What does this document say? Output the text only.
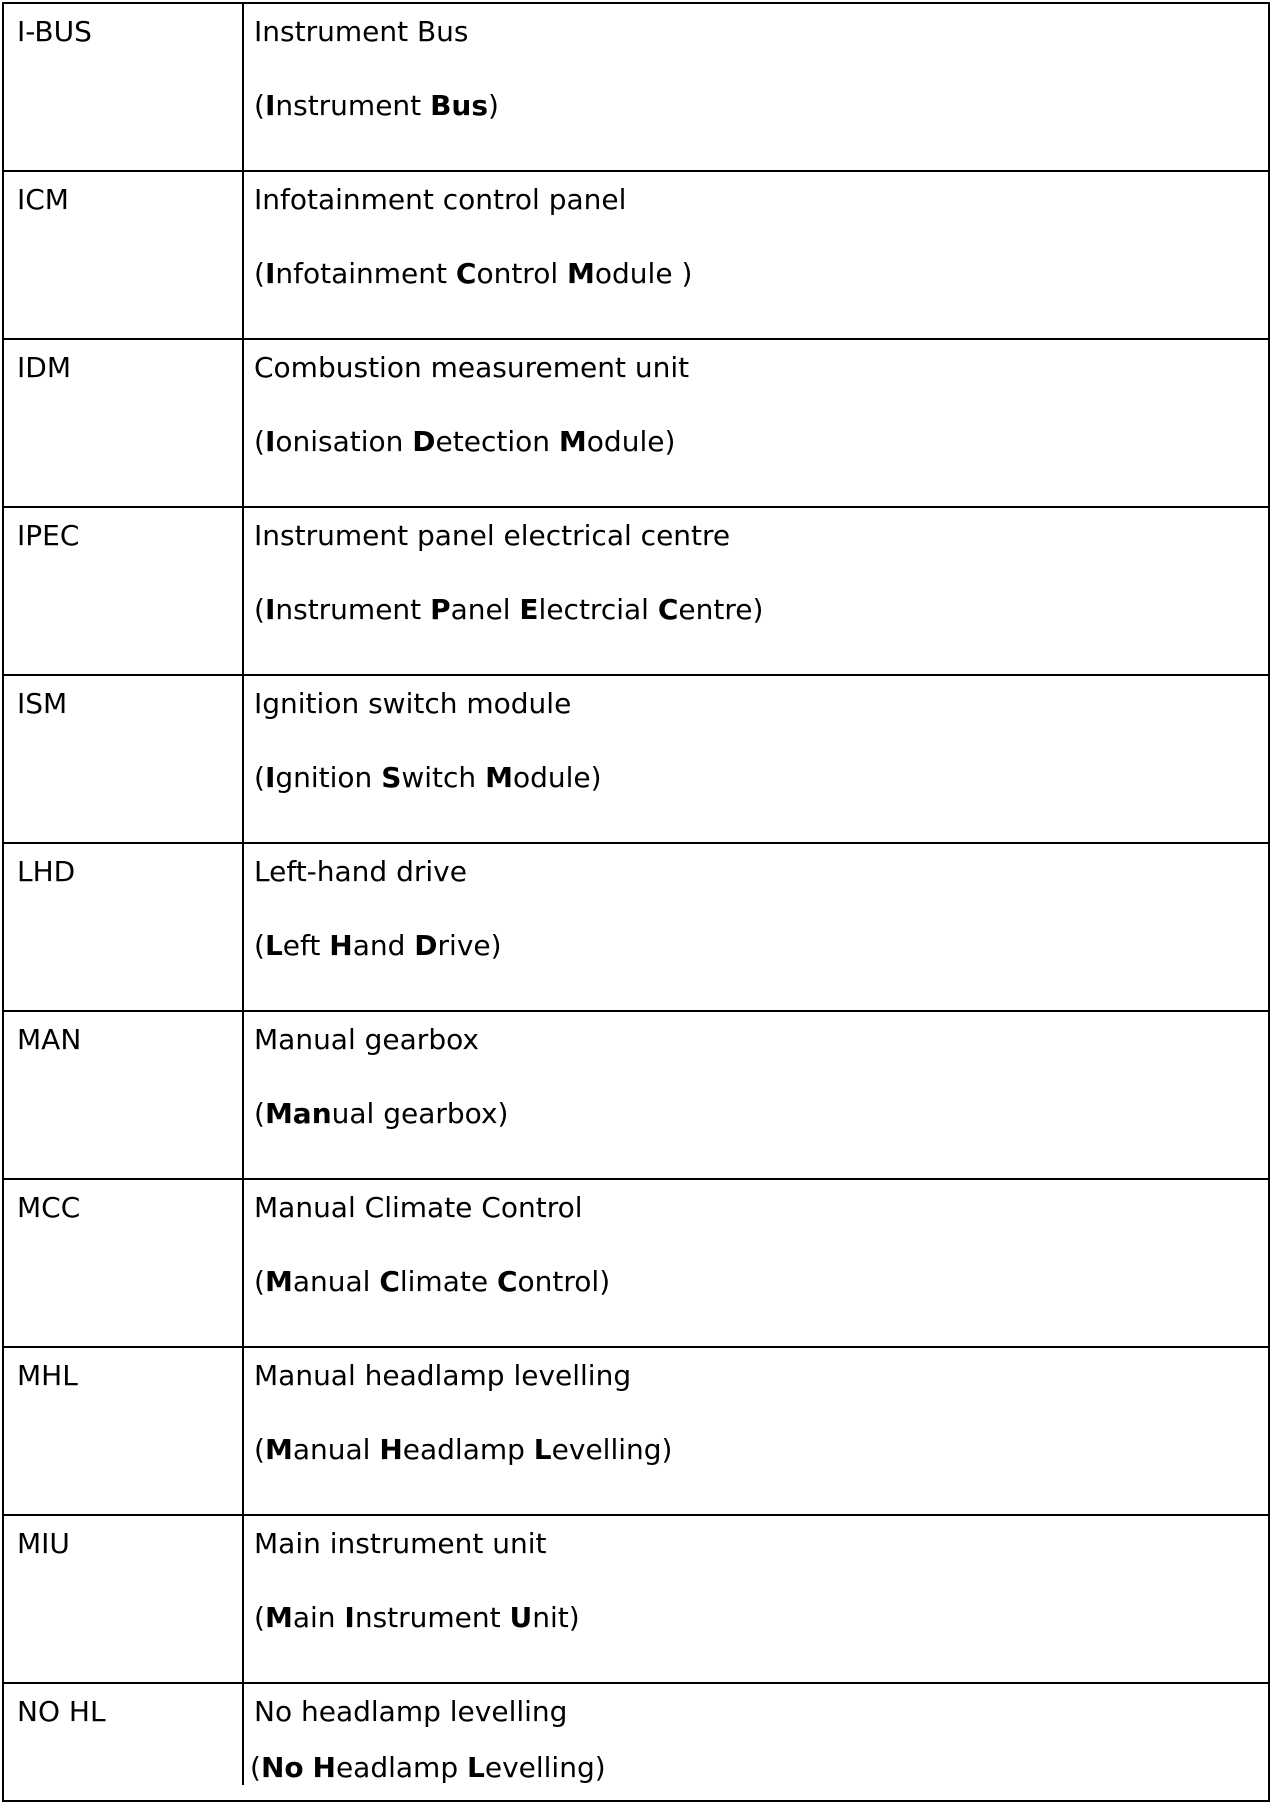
I-BUS	Instrument Bus
(Instrument Bus)
ICM	Infotainment control panel
(Infotainment Control Module )
IDM	Combustion measurement unit
(Ionisation Detection Module)
IPEC	Instrument panel electrical centre
(Instrument Panel Electrcial Centre)
ISM	Ignition switch module
(Ignition Switch Module)
LHD	Left-hand drive
(Left Hand Drive)
MAN	Manual gearbox
(Manual gearbox)
MCC	Manual Climate Control
(Manual Climate Control)
MHL	Manual headlamp levelling
(Manual Headlamp Levelling)
MIU	Main instrument unit
(Main Instrument Unit)
NO HL	No headlamp levelling
(No Headlamp Levelling)
